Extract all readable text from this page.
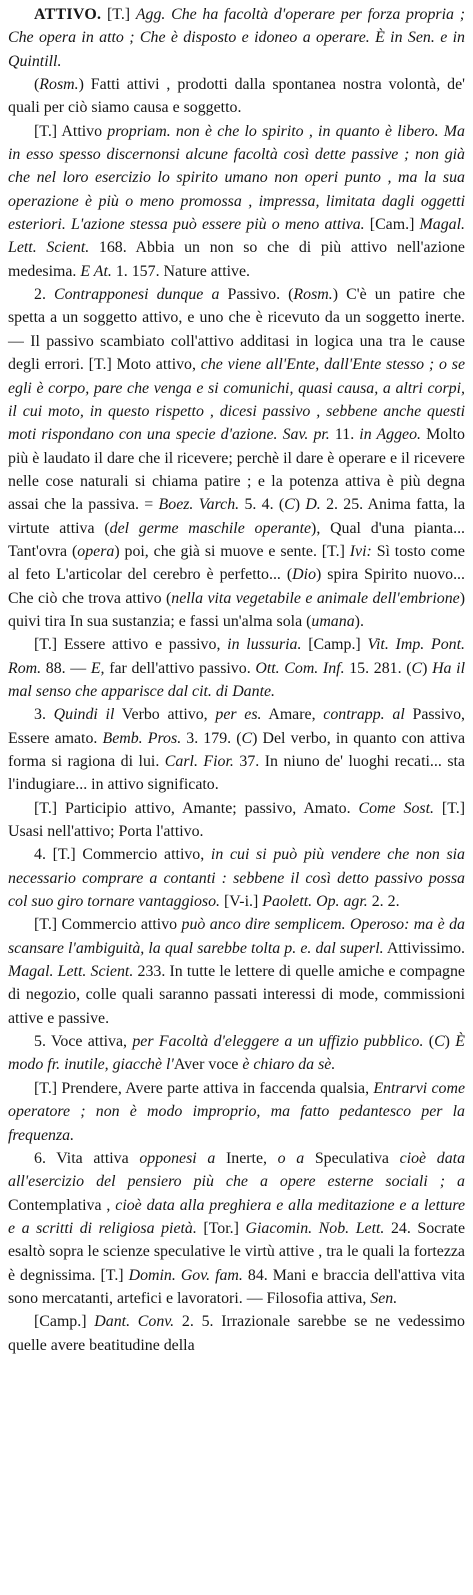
ATTIVO. [T.] Agg. Che ha facoltà d'operare per forza propria ; Che opera in atto ; Che è disposto e idoneo a operare. È in Sen. e in Quintill.

(Rosm.) Fatti attivi , prodotti dalla spontanea nostra volontà, de' quali per ciò siamo causa e soggetto.

[T.] Attivo propriam. non è che lo spirito , in quanto è libero. Ma in esso spesso discernonsi alcune facoltà così dette passive ; non già che nel loro esercizio lo spirito umano non operi punto , ma la sua operazione è più o meno promossa , impressa, limitata dagli oggetti esteriori. L'azione stessa può essere più o meno attiva. [Cam.] Magal. Lett. Scient. 168. Abbia un non so che di più attivo nell'azione medesima. E At. 1. 157. Nature attive.

2. Contrapponesi dunque a Passivo. (Rosm.) C'è un patire che spetta a un soggetto attivo, e uno che è ricevuto da un soggetto inerte. — Il passivo scambiato coll'attivo additasi in logica una tra le cause degli errori. [T.] Moto attivo, che viene all'Ente, dall'Ente stesso ; o se egli è corpo, pare che venga e si comunichi, quasi causa, a altri corpi, il cui moto, in questo rispetto , dicesi passivo , sebbene anche questi moti rispondano con una specie d'azione. Sav. pr. 11. in Aggeo. Molto più è laudato il dare che il ricevere; perchè il dare è operare e il ricevere nelle cose naturali si chiama patire ; e la potenza attiva è più degna assai che la passiva. = Boez. Varch. 5. 4. (C) D. 2. 25. Anima fatta, la virtute attiva (del germe maschile operante), Qual d'una pianta... Tant'ovra (opera) poi, che già si muove e sente. [T.] Ivi: Sì tosto come al feto L'articolar del cerebro è perfetto... (Dio) spira Spirito nuovo... Che ciò che trova attivo (nella vita vegetabile e animale dell'embrione) quivi tira In sua sustanzia; e fassi un'alma sola (umana).

[T.] Essere attivo e passivo, in lussuria. [Camp.] Vit. Imp. Pont. Rom. 88. — E, far dell'attivo passivo. Ott. Com. Inf. 15. 281. (C) Ha il mal senso che apparisce dal cit. di Dante.

3. Quindi il Verbo attivo, per es. Amare, contrapp. al Passivo, Essere amato. Bemb. Pros. 3. 179. (C) Del verbo, in quanto con attiva forma si ragiona di lui. Carl. Fior. 37. In niuno de' luoghi recati... sta l'indugiare... in attivo significato.

[T.] Participio attivo, Amante; passivo, Amato. Come Sost. [T.] Usasi nell'attivo; Porta l'attivo.

4. [T.] Commercio attivo, in cui si può più vendere che non sia necessario comprare a contanti : sebbene il così detto passivo possa col suo giro tornare vantaggioso. [V-i.] Paolett. Op. agr. 2. 2.

[T.] Commercio attivo può anco dire semplicem. Operoso: ma è da scansare l'ambiguità, la qual sarebbe tolta p. e. dal superl. Attivissimo. Magal. Lett. Scient. 233. In tutte le lettere di quelle amiche e compagne di negozio, colle quali saranno passati interessi di mode, commissioni attive e passive.

5. Voce attiva, per Facoltà d'eleggere a un uffizio pubblico. (C) È modo fr. inutile, giacchè l'Aver voce è chiaro da sè.

[T.] Prendere, Avere parte attiva in faccenda qualsia, Entrarvi come operatore ; non è modo improprio, ma fatto pedantesco per la frequenza.

6. Vita attiva opponesi a Inerte, o a Speculativa cioè data all'esercizio del pensiero più che a opere esterne sociali ; a Contemplativa , cioè data alla preghiera e alla meditazione e a letture e a scritti di religiosa pietà. [Tor.] Giacomin. Nob. Lett. 24. Socrate esaltò sopra le scienze speculative le virtù attive , tra le quali la fortezza è degnissima. [T.] Domin. Gov. fam. 84. Mani e braccia dell'attiva vita sono mercatanti, artefici e lavoratori. — Filosofia attiva, Sen.

[Camp.] Dant. Conv. 2. 5. Irrazionale sarebbe se ne vedessimo quelle avere beatitudine della
